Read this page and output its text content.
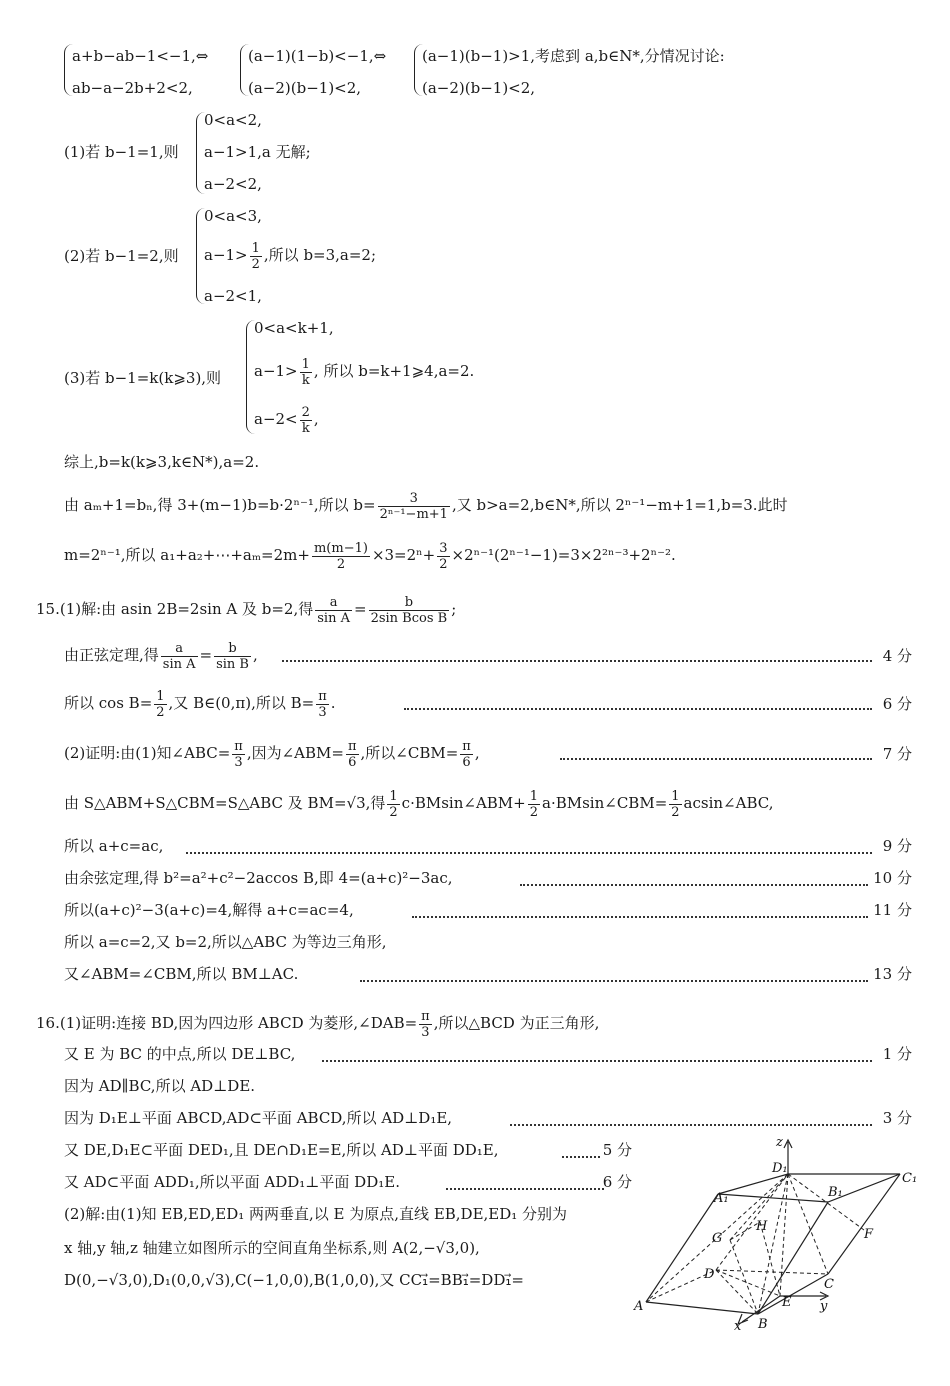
a+b−ab−1<−1,⇔
ab−a−2b+2<2,
(a−1)(1−b)<−1,⇔
(a−2)(b−1)<2,
(a−1)(b−1)>1,考虑到 a,b∈N*,分情况讨论:
(a−2)(b−1)<2,
(1)若 b−1=1,则
0<a<2,
a−1>1,a 无解;
a−2<2,
(2)若 b−1=2,则
0<a<3,
$a-1> \frac{1}{2}$ ,所以 b=3,a=2;
a−2<1,
(3)若 b−1=k(k⩾3),则
0<a<k+1,
$a-1> \frac{1}{k}$ , 所以 b=k+1⩾4,a=2.
$a-2< \frac{2}{k}$ ,
综上,b=k(k⩾3,k∈N*),a=2.
由 aₘ+1=bₙ,得 3+(m−1)b=b·2ⁿ⁻¹,所以 $b= \frac{3}{\text{2ⁿ⁻¹−m+1}}$ ,又 b>a=2,b∈N*,所以 2ⁿ⁻¹−m+1=1,b=3.此时
m=2ⁿ⁻¹,所以 a₁+a₂+⋯+aₘ=2m+ $\frac{m(m-1)}{2} \times 3=2^n+ \frac{3}{2} \times 2^{n-1}(2^{n-1}-1)=3\times 2^{2n-3}+2^{n-2}$.
15.(1)解:由 asin 2B=2sin A 及 b=2,得 $\frac{a}{\text{sin A}} = \frac{b}{\text{2sin Bcos B}}$ ;
由正弦定理,得 $\frac{a}{\text{sin A}} = \frac{b}{\text{sin B}}$ ,	4 分
所以 $\cos B= \frac{1}{2}$ ,又 B∈(0,π),所以 $B= \frac{\pi}{3}$ .	6 分
(2)证明:由(1)知∠ABC= $\frac{\pi}{3}$ ,因为∠ABM= $\frac{\pi}{6}$ ,所以∠CBM= $\frac{\pi}{6}$ ,	7 分
由 S△ABM+S△CBM=S△ABC 及 BM=√3,得 $\frac{1}{2}$ c·BMsin∠ABM+ $\frac{1}{2}$ a·BMsin∠CBM= $\frac{1}{2}$ acsin∠ABC,
所以 a+c=ac,	9 分
由余弦定理,得 b²=a²+c²−2accos B,即 4=(a+c)²−3ac,	10 分
所以(a+c)²−3(a+c)=4,解得 a+c=ac=4,	11 分
所以 a=c=2,又 b=2,所以△ABC 为等边三角形,
又∠ABM=∠CBM,所以 BM⊥AC.	13 分
16.(1)证明:连接 BD,因为四边形 ABCD 为菱形,∠DAB= $\frac{\pi}{3}$ ,所以△BCD 为正三角形,
又 E 为 BC 的中点,所以 DE⊥BC,	1 分
因为 AD∥BC,所以 AD⊥DE.
因为 D₁E⊥平面 ABCD,AD⊂平面 ABCD,所以 AD⊥D₁E,	3 分
又 DE,D₁E⊂平面 DED₁,且 DE∩D₁E=E,所以 AD⊥平面 DD₁E,	5 分
又 AD⊂平面 ADD₁,所以平面 ADD₁⊥平面 DD₁E.	6 分
(2)解:由(1)知 EB,ED,ED₁ 两两垂直,以 E 为原点,直线 EB,DE,ED₁ 分别为
x 轴,y 轴,z 轴建立如图所示的空间直角坐标系,则 A(2,−√3,0),
D(0,−√3,0),D₁(0,0,√3),C(−1,0,0),B(1,0,0),又 CC₁⃗=BB₁⃗=DD₁⃗=
z
D₁
C₁
A₁	B₁
H
G	F
D
C
A	E
B
x
y
